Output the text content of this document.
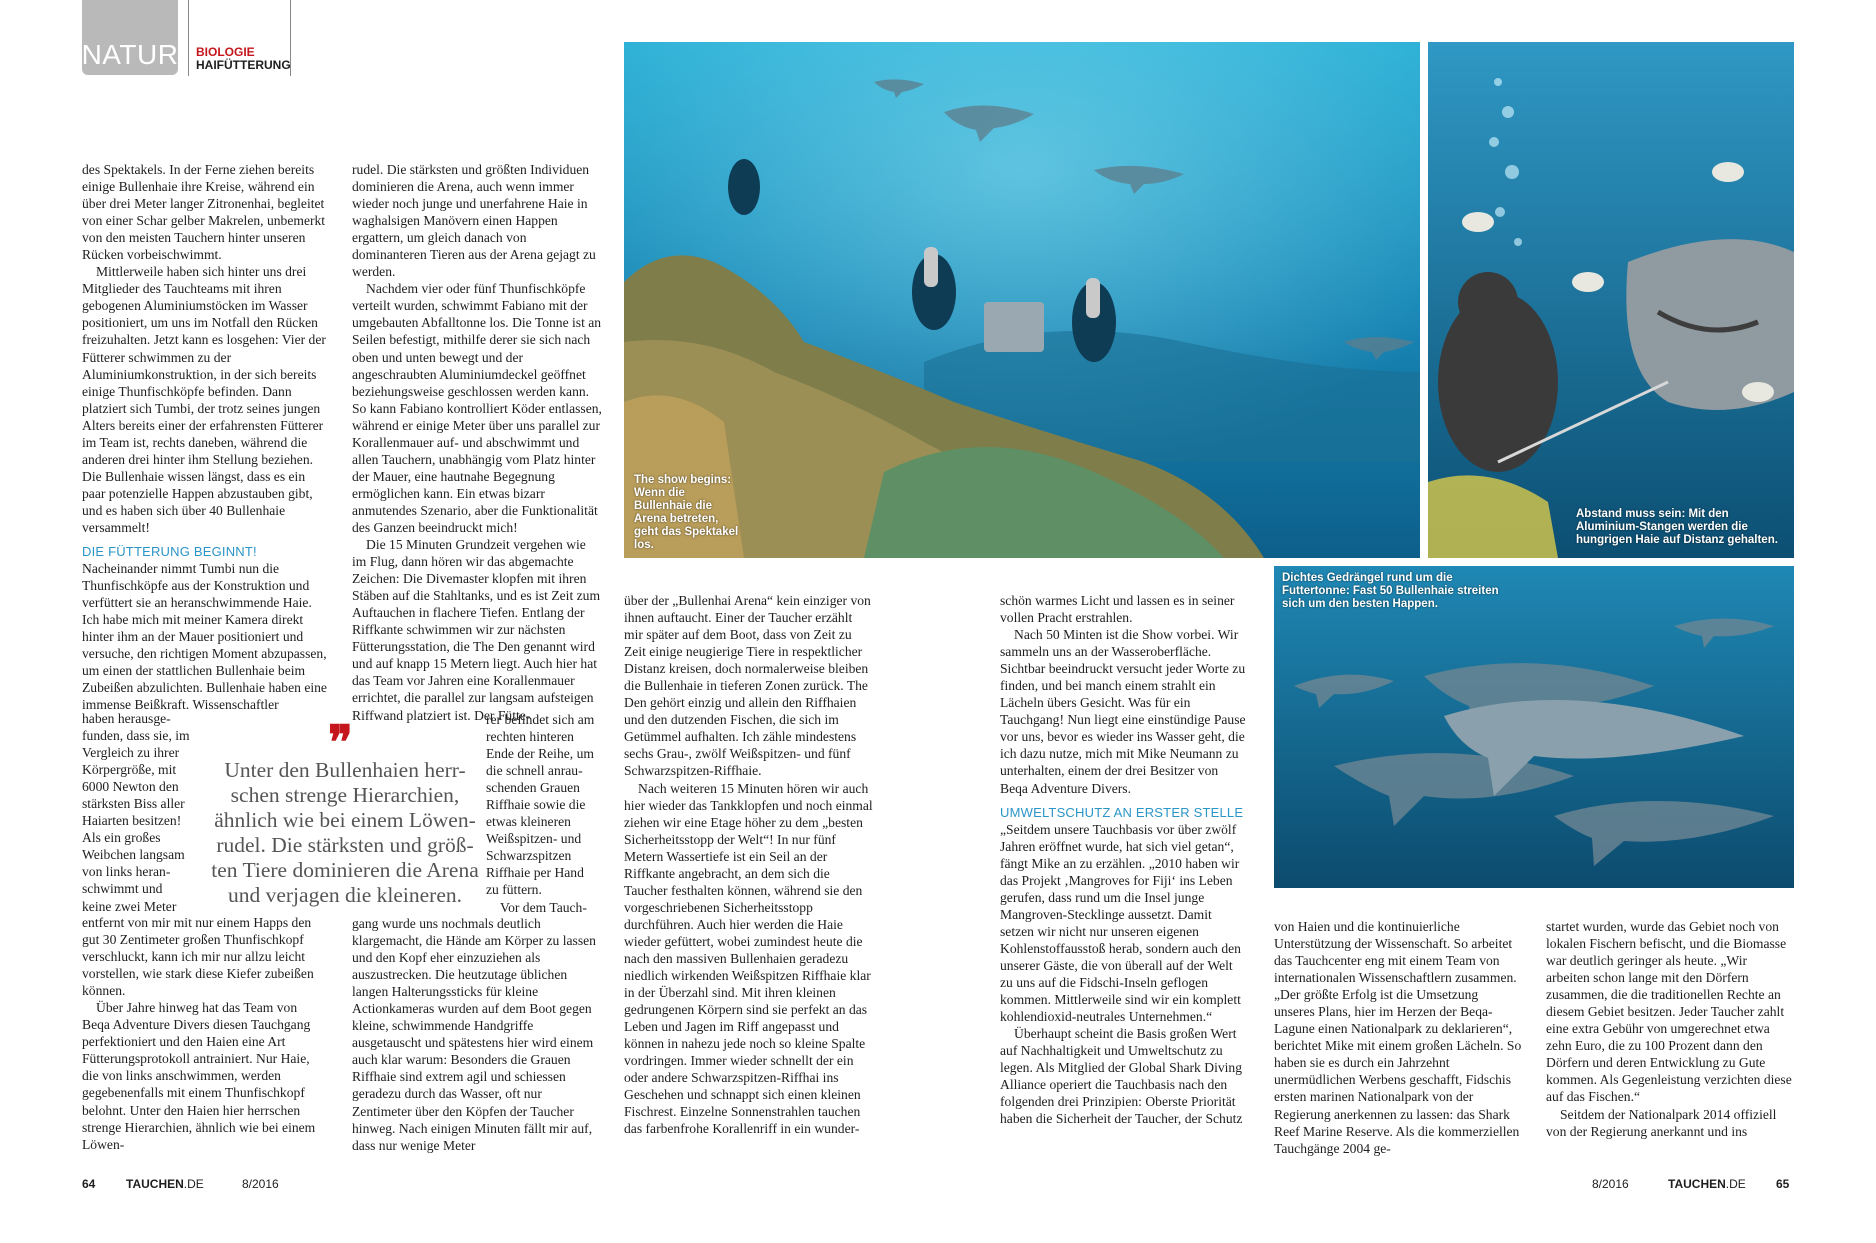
NATUR BIOLOGIE
HAIFÜTTERUNG

des Spektakels. In der Ferne ziehen bereits einige Bullenhaie ihre Kreise, während ein über drei Meter langer Zitronenhai, begleitet von einer Schar gelber Makrelen, unbemerkt von den meisten Tauchern hinter unseren Rücken vorbeischwimmt.

Mittlerweile haben sich hinter uns drei Mitglieder des Tauchteams mit ihren gebogenen Aluminiumstöcken im Wasser positioniert, um uns im Notfall den Rücken freizuhalten. Jetzt kann es losgehen: Vier der Fütterer schwimmen zu der Aluminiumkonstruktion, in der sich bereits einige Thunfischköpfe befinden. Dann platziert sich Tumbi, der trotz seines jungen Alters bereits einer der erfahrensten Fütterer im Team ist, rechts daneben, während die anderen drei hinter ihm Stellung beziehen. Die Bullenhaie wissen längst, dass es ein paar potenzielle Happen abzustauben gibt, und es haben sich über 40 Bullenhaie versammelt!

DIE FÜTTERUNG BEGINNT!

Nacheinander nimmt Tumbi nun die Thunfischköpfe aus der Konstruktion und verfüttert sie an heranschwimmende Haie. Ich habe mich mit meiner Kamera direkt hinter ihm an der Mauer positioniert und versuche, den richtigen Moment abzupassen, um einen der stattlichen Bullenhaie beim Zubeißen abzulichten. Bullenhaie haben eine immense Beißkraft. Wissenschaftler

haben herausge-
funden, dass sie, im
Vergleich zu ihrer
Körpergröße, mit
6000 Newton den
stärksten Biss aller
Haiarten besitzen!
Als ein großes
Weibchen langsam
von links heran-
schwimmt und
keine zwei Meter

entfernt von mir mit nur einem Happs den gut 30 Zentimeter großen Thunfischkopf verschluckt, kann ich mir nur allzu leicht vorstellen, wie stark diese Kiefer zubeißen können.

Über Jahre hinweg hat das Team von Beqa Adventure Divers diesen Tauchgang perfektioniert und den Haien eine Art Fütterungsprotokoll antrainiert. Nur Haie, die von links anschwimmen, werden gegebenenfalls mit einem Thunfischkopf belohnt. Unter den Haien hier herrschen strenge Hierarchien, ähnlich wie bei einem Löwen-

❞
Unter den Bullenhaien herr-
schen strenge Hierarchien,
ähnlich wie bei einem Löwen-
rudel. Die stärksten und größ-
ten Tiere dominieren die Arena
und verjagen die kleineren.

rudel. Die stärksten und größten Individuen dominieren die Arena, auch wenn immer wieder noch junge und unerfahrene Haie in waghalsigen Manövern einen Happen ergattern, um gleich danach von dominanteren Tieren aus der Arena gejagt zu werden.

Nachdem vier oder fünf Thunfischköpfe verteilt wurden, schwimmt Fabiano mit der umgebauten Abfalltonne los. Die Tonne ist an Seilen befestigt, mithilfe derer sie sich nach oben und unten bewegt und der angeschraubten Aluminiumdeckel geöffnet beziehungsweise geschlossen werden kann. So kann Fabiano kontrolliert Köder entlassen, während er einige Meter über uns parallel zur Korallenmauer auf- und abschwimmt und allen Tauchern, unabhängig vom Platz hinter der Mauer, eine hautnahe Begegnung ermöglichen kann. Ein etwas bizarr anmutendes Szenario, aber die Funktionalität des Ganzen beeindruckt mich!

Die 15 Minuten Grundzeit vergehen wie im Flug, dann hören wir das abgemachte Zeichen: Die Divemaster klopfen mit ihren Stäben auf die Stahltanks, und es ist Zeit zum Auftauchen in flachere Tiefen. Entlang der Riffkante schwimmen wir zur nächsten Fütterungsstation, die The Den genannt wird und auf knapp 15 Metern liegt. Auch hier hat das Team vor Jahren eine Korallenmauer errichtet, die parallel zur langsam aufsteigen Riffwand platziert ist. Der Fütte-

rer befindet sich am
rechten hinteren
Ende der Reihe, um
die schnell anrau-
schenden Grauen
Riffhaie sowie die
etwas kleineren
Weißspitzen- und
Schwarzspitzen
Riffhaie per Hand
zu füttern.
Vor dem Tauch-

gang wurde uns nochmals deutlich klargemacht, die Hände am Körper zu lassen und den Kopf eher einzuziehen als auszustrecken. Die heutzutage üblichen langen Halterungssticks für kleine Actionkameras wurden auf dem Boot gegen kleine, schwimmende Handgriffe ausgetauscht und spätestens hier wird einem auch klar warum: Besonders die Grauen Riffhaie sind extrem agil und schiessen geradezu durch das Wasser, oft nur Zentimeter über den Köpfen der Taucher hinweg. Nach einigen Minuten fällt mir auf, dass nur wenige Meter

The show begins: Wenn die Bullenhaie die Arena betreten, geht das Spektakel los.
Abstand muss sein: Mit den Aluminium-Stangen werden die hungrigen Haie auf Distanz gehalten.
Dichtes Gedrängel rund um die Futtertonne: Fast 50 Bullenhaie streiten sich um den besten Happen.

über der „Bullenhai Arena“ kein einziger von ihnen auftaucht. Einer der Taucher erzählt mir später auf dem Boot, dass von Zeit zu Zeit einige neugierige Tiere in respektlicher Distanz kreisen, doch normalerweise bleiben die Bullenhaie in tieferen Zonen zurück. The Den gehört einzig und allein den Riffhaien und den dutzenden Fischen, die sich im Getümmel aufhalten. Ich zähle mindestens sechs Grau-, zwölf Weißspitzen- und fünf Schwarzspitzen-Riffhaie.

Nach weiteren 15 Minuten hören wir auch hier wieder das Tankklopfen und noch einmal ziehen wir eine Etage höher zu dem „besten Sicherheitsstopp der Welt“! In nur fünf Metern Wassertiefe ist ein Seil an der Riffkante angebracht, an dem sich die Taucher festhalten können, während sie den vorgeschriebenen Sicherheitsstopp durchführen. Auch hier werden die Haie wieder gefüttert, wobei zumindest heute die nach den massiven Bullenhaien geradezu niedlich wirkenden Weißspitzen Riffhaie klar in der Überzahl sind. Mit ihren kleinen gedrungenen Körpern sind sie perfekt an das Leben und Jagen im Riff angepasst und können in nahezu jede noch so kleine Spalte vordringen. Immer wieder schnellt der ein oder andere Schwarzspitzen-Riffhai ins Geschehen und schnappt sich einen kleinen Fischrest. Einzelne Sonnenstrahlen tauchen das farbenfrohe Korallenriff in ein wunder-

schön warmes Licht und lassen es in seiner vollen Pracht erstrahlen.

Nach 50 Minten ist die Show vorbei. Wir sammeln uns an der Wasseroberfläche. Sichtbar beeindruckt versucht jeder Worte zu finden, und bei manch einem strahlt ein Lächeln übers Gesicht. Was für ein Tauchgang! Nun liegt eine einstündige Pause vor uns, bevor es wieder ins Wasser geht, die ich dazu nutze, mich mit Mike Neumann zu unterhalten, einem der drei Besitzer von Beqa Adventure Divers.

UMWELTSCHUTZ AN ERSTER STELLE

„Seitdem unsere Tauchbasis vor über zwölf Jahren eröffnet wurde, hat sich viel getan“, fängt Mike an zu erzählen. „2010 haben wir das Projekt ‚Mangroves for Fiji‘ ins Leben gerufen, dass rund um die Insel junge Mangroven-Stecklinge aussetzt. Damit setzen wir nicht nur unseren eigenen Kohlenstoffausstoß herab, sondern auch den unserer Gäste, die von überall auf der Welt zu uns auf die Fidschi-Inseln geflogen kommen. Mittlerweile sind wir ein komplett kohlendioxid-neutrales Unternehmen.“

Überhaupt scheint die Basis großen Wert auf Nachhaltigkeit und Umweltschutz zu legen. Als Mitglied der Global Shark Diving Alliance operiert die Tauchbasis nach den folgenden drei Prinzipien: Oberste Priorität haben die Sicherheit der Taucher, der Schutz

von Haien und die kontinuierliche Unterstützung der Wissenschaft. So arbeitet das Tauchcenter eng mit einem Team von internationalen Wissenschaftlern zusammen. „Der größte Erfolg ist die Umsetzung unseres Plans, hier im Herzen der Beqa-Lagune einen Nationalpark zu deklarieren“, berichtet Mike mit einem großen Lächeln. So haben sie es durch ein Jahrzehnt unermüdlichen Werbens geschafft, Fidschis ersten marinen Nationalpark von der Regierung anerkennen zu lassen: das Shark Reef Marine Reserve. Als die kommerziellen Tauchgänge 2004 ge-

startet wurden, wurde das Gebiet noch von lokalen Fischern befischt, und die Biomasse war deutlich geringer als heute. „Wir arbeiten schon lange mit den Dörfern zusammen, die die traditionellen Rechte an diesem Gebiet besitzen. Jeder Taucher zahlt eine extra Gebühr von umgerechnet etwa zehn Euro, die zu 100 Prozent dann den Dörfern und deren Entwicklung zu Gute kommen. Als Gegenleistung verzichten diese auf das Fischen.“

Seitdem der Nationalpark 2014 offiziell von der Regierung anerkannt und ins

64	TAUCHEN.DE	8/2016	8/2016	TAUCHEN.DE	65
